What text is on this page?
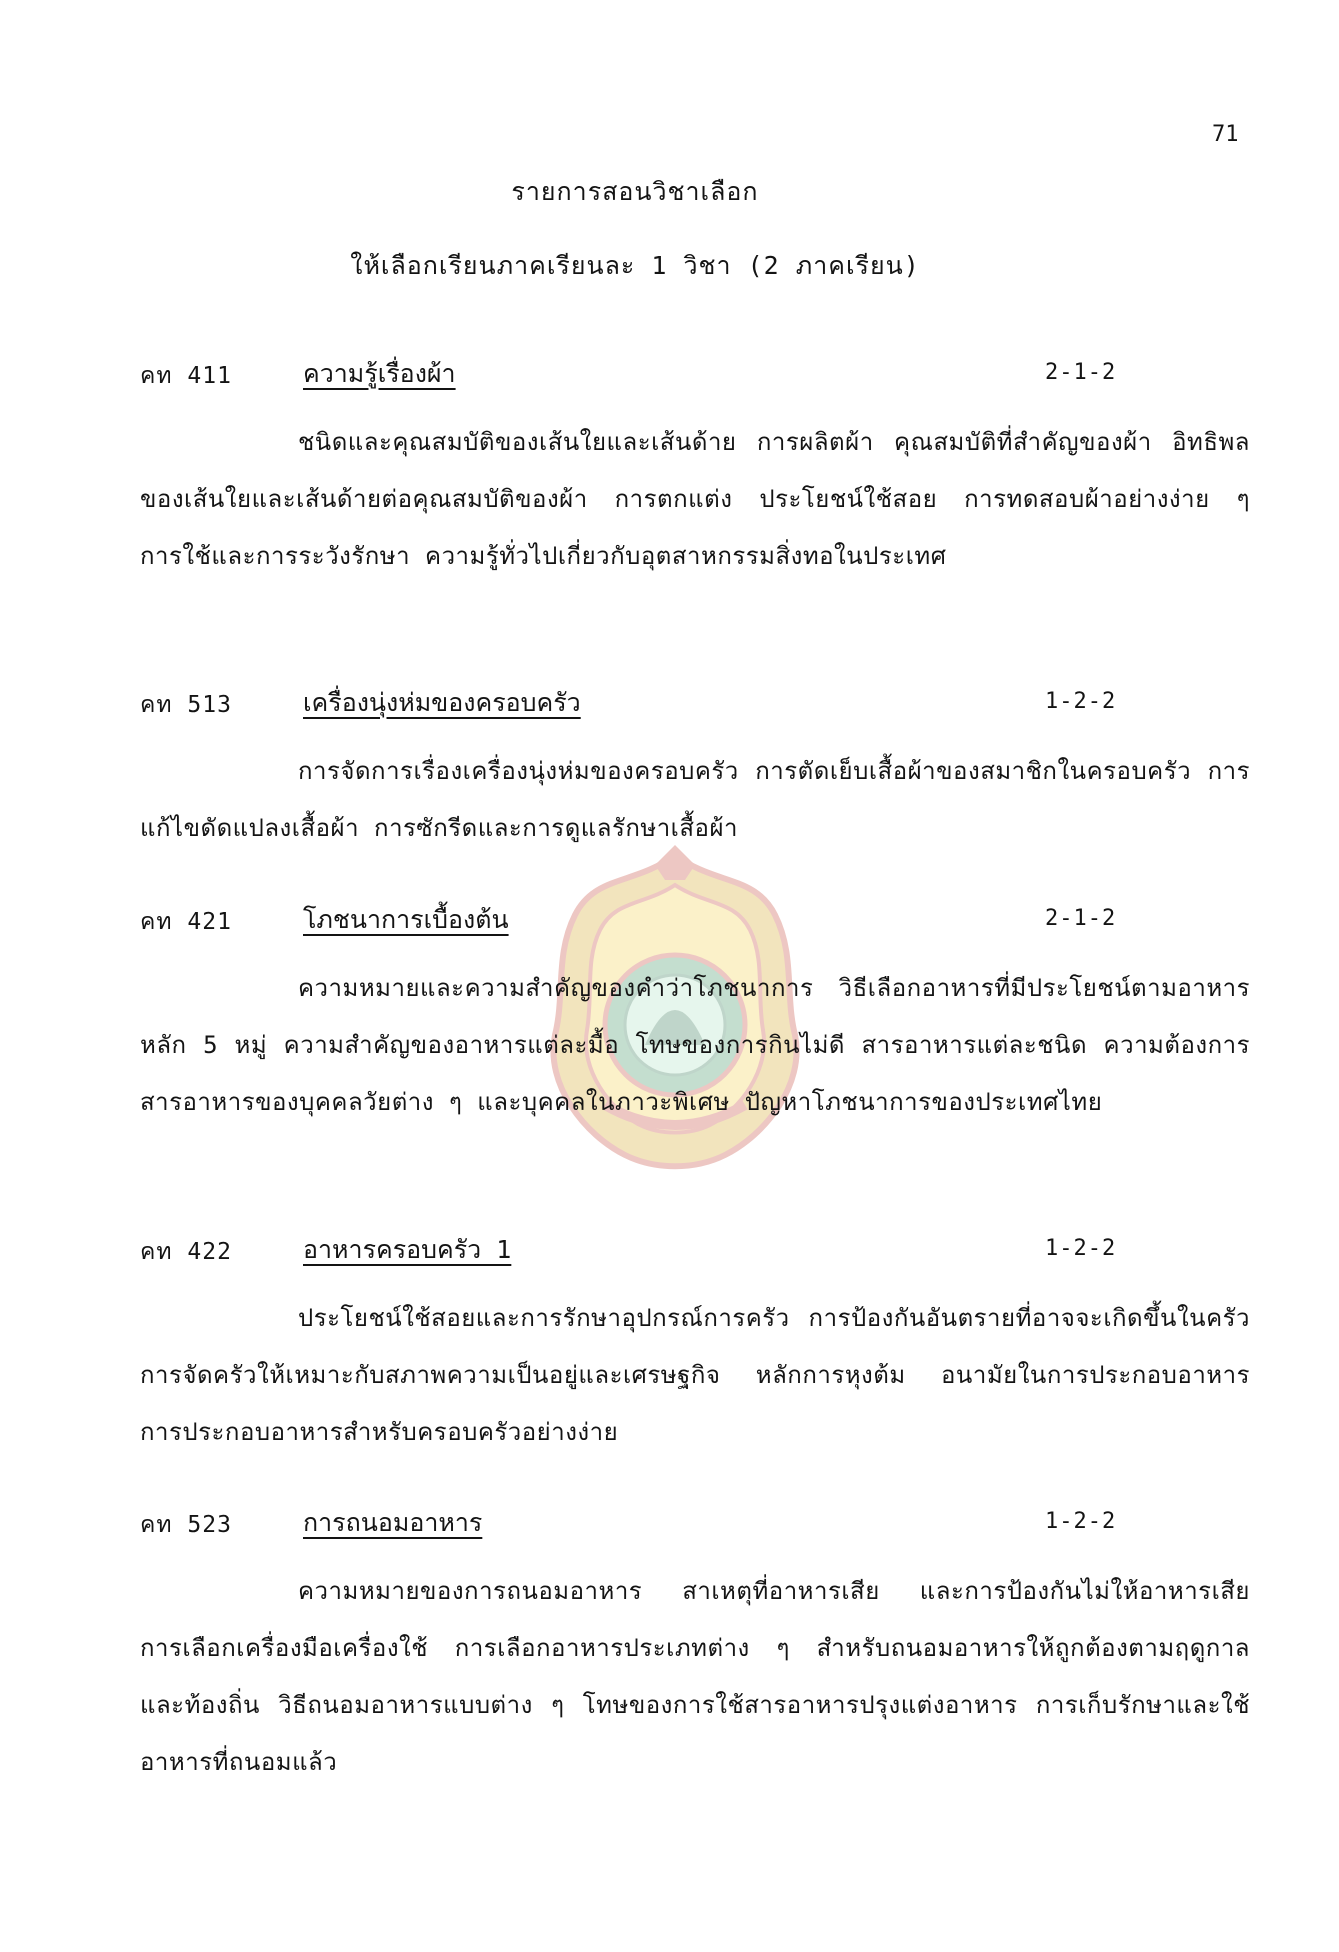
71
รายการสอนวิชาเลือก
ให้เลือกเรียนภาคเรียนละ 1 วิชา (2 ภาคเรียน)
คท 411	ความรู้เรื่องผ้า	2-1-2

ชนิดและคุณสมบัติของเส้นใยและเส้นด้าย การผลิตผ้า คุณสมบัติที่สำคัญของผ้า อิทธิพลของเส้นใยและเส้นด้ายต่อคุณสมบัติของผ้า การตกแต่ง ประโยชน์ใช้สอย การทดสอบผ้าอย่างง่าย ๆ การใช้และการระวังรักษา ความรู้ทั่วไปเกี่ยวกับอุตสาหกรรมสิ่งทอในประเทศ

คท 513	เครื่องนุ่งห่มของครอบครัว	1-2-2

การจัดการเรื่องเครื่องนุ่งห่มของครอบครัว การตัดเย็บเสื้อผ้าของสมาชิกในครอบครัว การแก้ไขดัดแปลงเสื้อผ้า การซักรีดและการดูแลรักษาเสื้อผ้า

คท 421	โภชนาการเบื้องต้น	2-1-2

ความหมายและความสำคัญของคำว่าโภชนาการ วิธีเลือกอาหารที่มีประโยชน์ตามอาหารหลัก 5 หมู่ ความสำคัญของอาหารแต่ละมื้อ โทษของการกินไม่ดี สารอาหารแต่ละชนิด ความต้องการสารอาหารของบุคคลวัยต่าง ๆ และบุคคลในภาวะพิเศษ ปัญหาโภชนาการของประเทศไทย

คท 422	อาหารครอบครัว 1	1-2-2

ประโยชน์ใช้สอยและการรักษาอุปกรณ์การครัว การป้องกันอันตรายที่อาจจะเกิดขึ้นในครัว การจัดครัวให้เหมาะกับสภาพความเป็นอยู่และเศรษฐกิจ หลักการหุงต้ม อนามัยในการประกอบอาหาร การประกอบอาหารสำหรับครอบครัวอย่างง่าย

คท 523	การถนอมอาหาร	1-2-2

ความหมายของการถนอมอาหาร สาเหตุที่อาหารเสีย และการป้องกันไม่ให้อาหารเสีย การเลือกเครื่องมือเครื่องใช้ การเลือกอาหารประเภทต่าง ๆ สำหรับถนอมอาหารให้ถูกต้องตามฤดูกาลและท้องถิ่น วิธีถนอมอาหารแบบต่าง ๆ โทษของการใช้สารอาหารปรุงแต่งอาหาร การเก็บรักษาและใช้อาหารที่ถนอมแล้ว
